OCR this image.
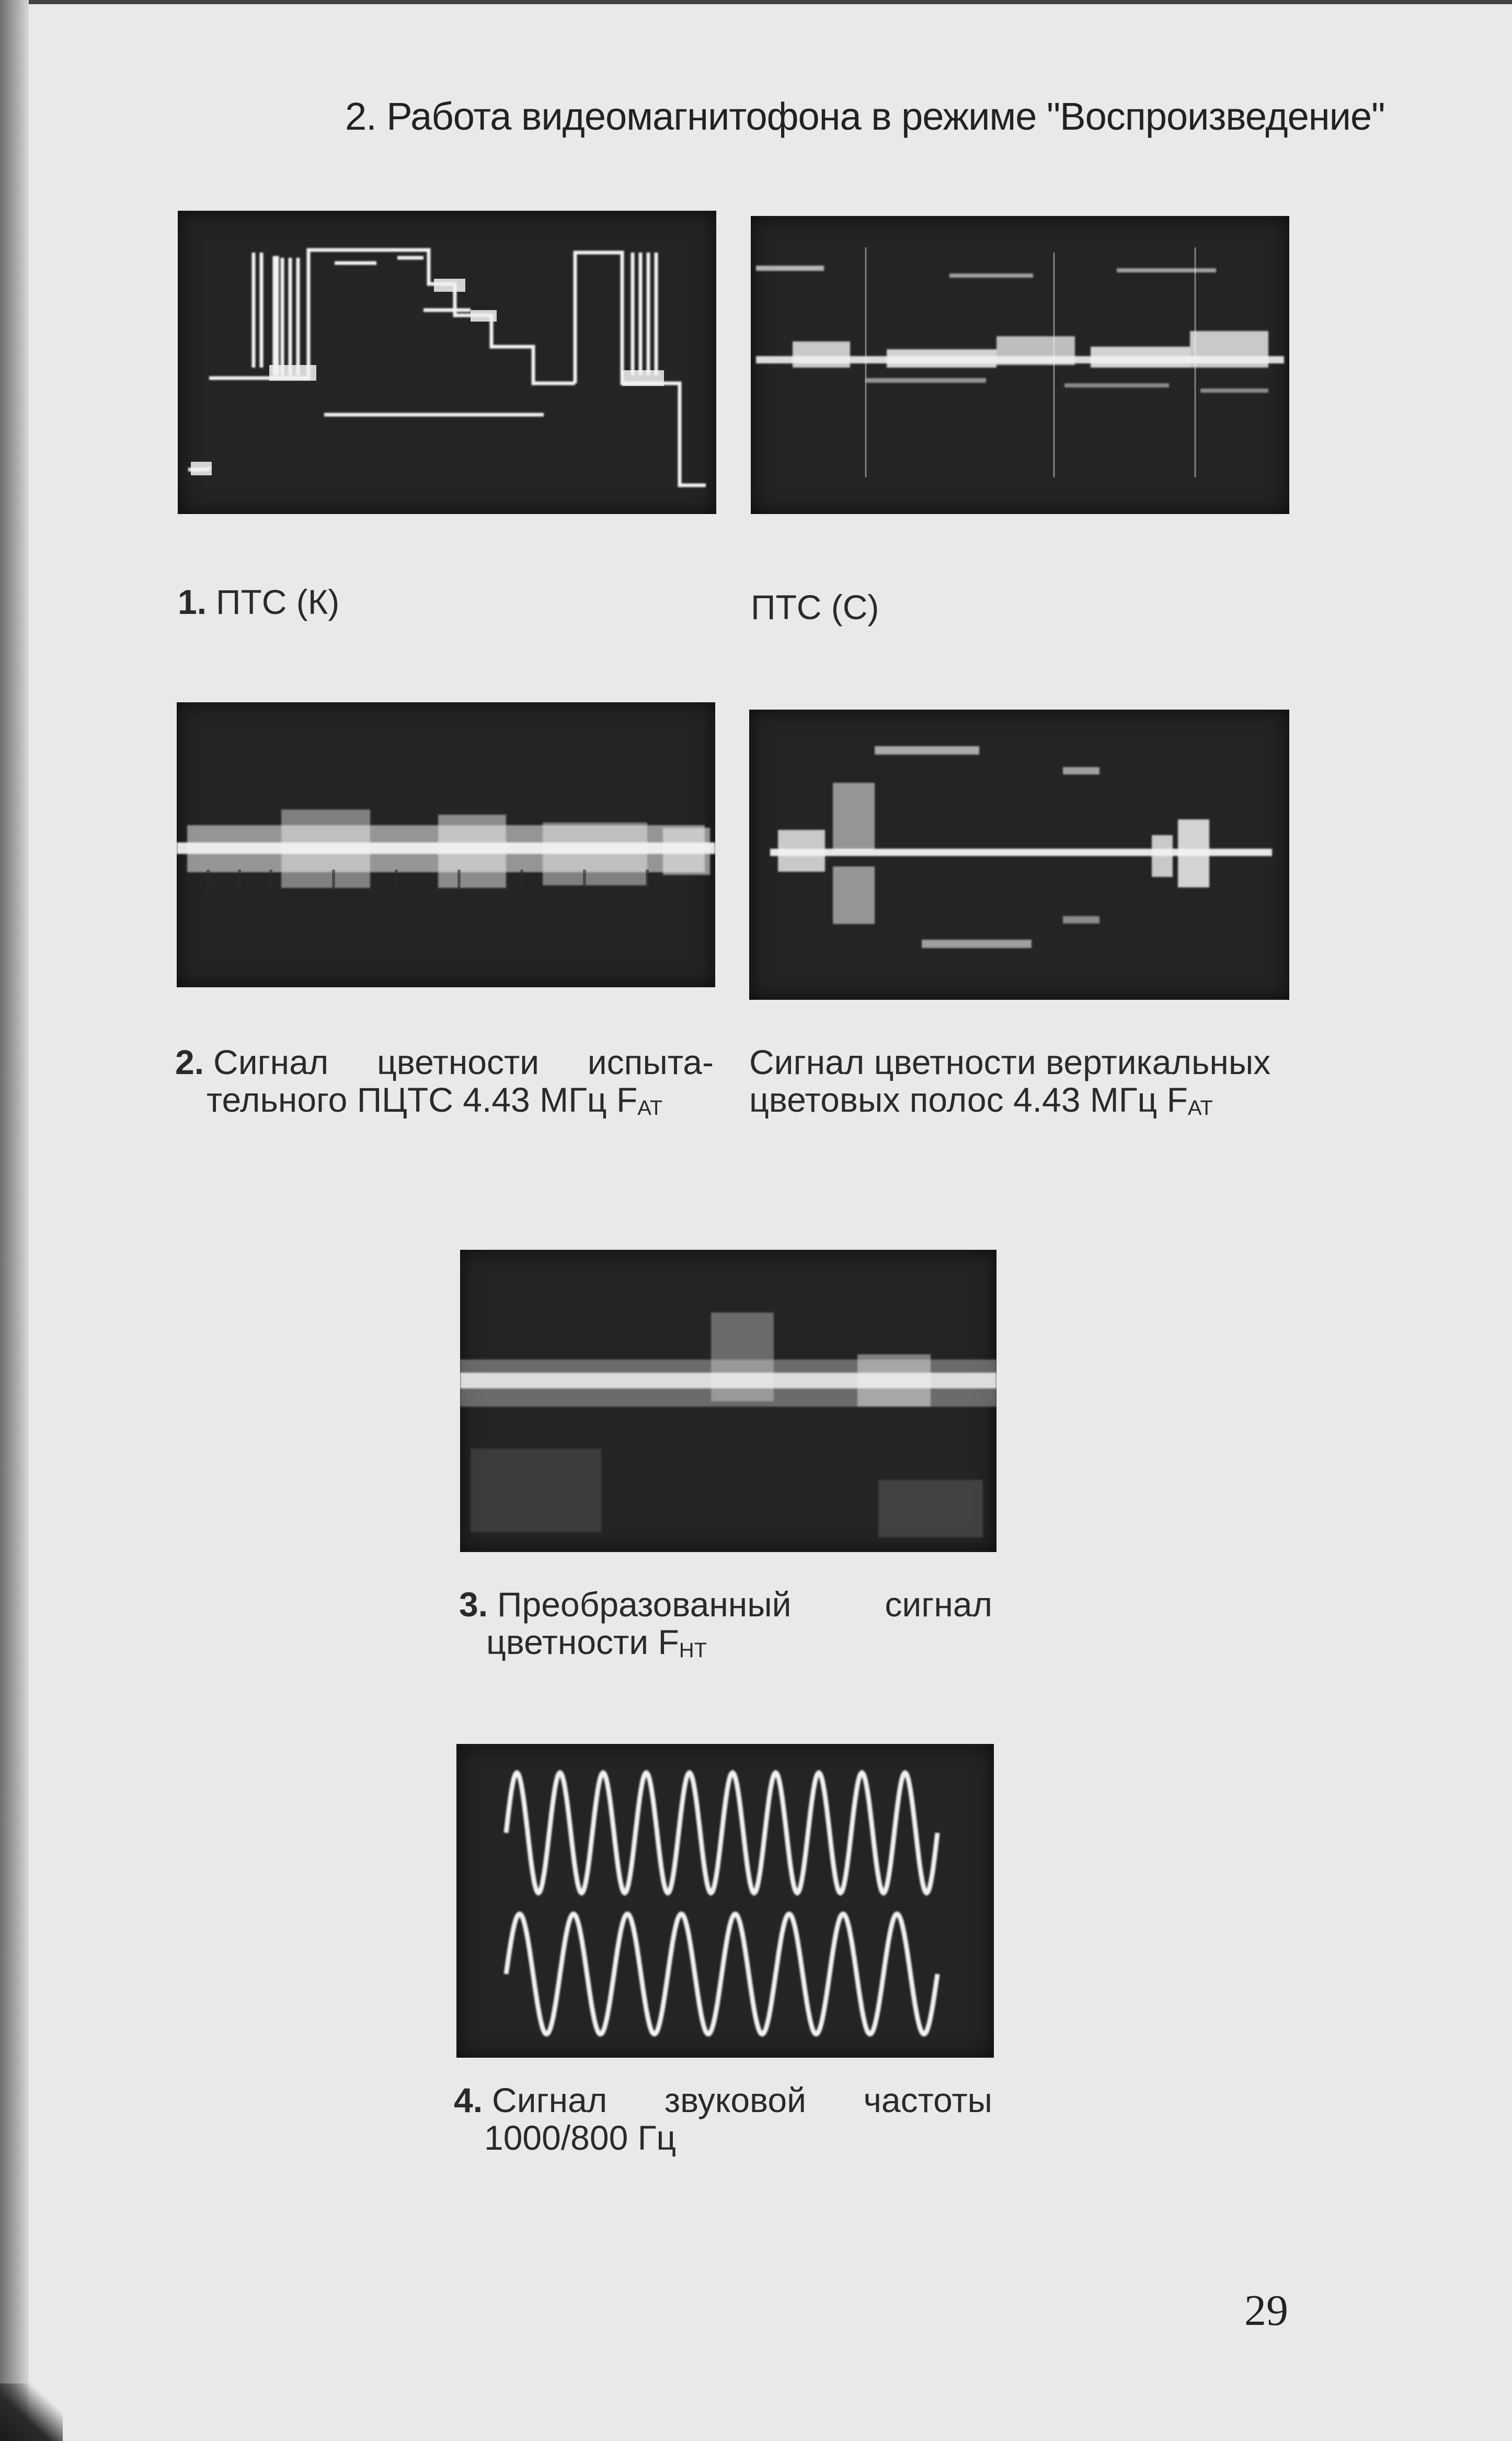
2. Работа видеомагнитофона в режиме "Воспроизведение"
1. ПТС (К)	ПТС (С)
2. Сигнал цветности испыта-
тельного ПЦТС 4.43 МГц $F_{АТ}$
Сигнал цветности вертикальных
цветовых полос 4.43 МГц $F_{АТ}$
3. Преобразованный сигнал
цветности $F_{НТ}$
4. Сигнал звуковой частоты
1000/800 Гц
29
